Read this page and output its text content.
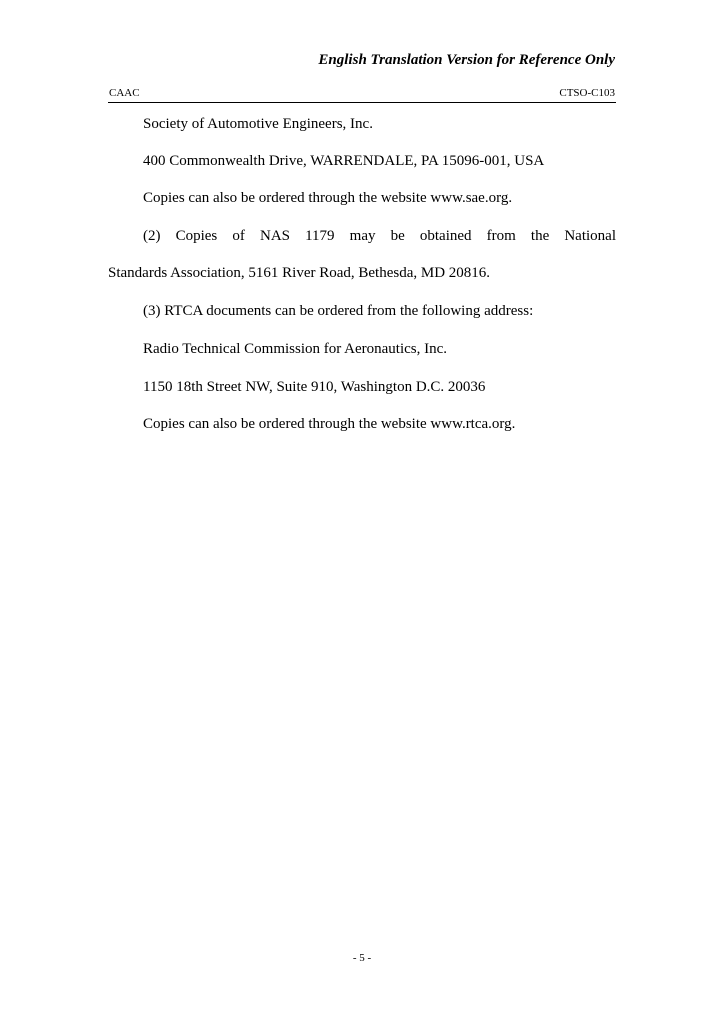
English Translation Version for Reference Only
CAAC	CTSO-C103
Society of Automotive Engineers, Inc.
400 Commonwealth Drive, WARRENDALE, PA 15096-001, USA
Copies can also be ordered through the website www.sae.org.
(2) Copies of NAS 1179 may be obtained from the National
Standards Association, 5161 River Road, Bethesda, MD 20816.
(3) RTCA documents can be ordered from the following address:
Radio Technical Commission for Aeronautics, Inc.
1150 18th Street NW, Suite 910, Washington D.C. 20036
Copies can also be ordered through the website www.rtca.org.
- 5 -
